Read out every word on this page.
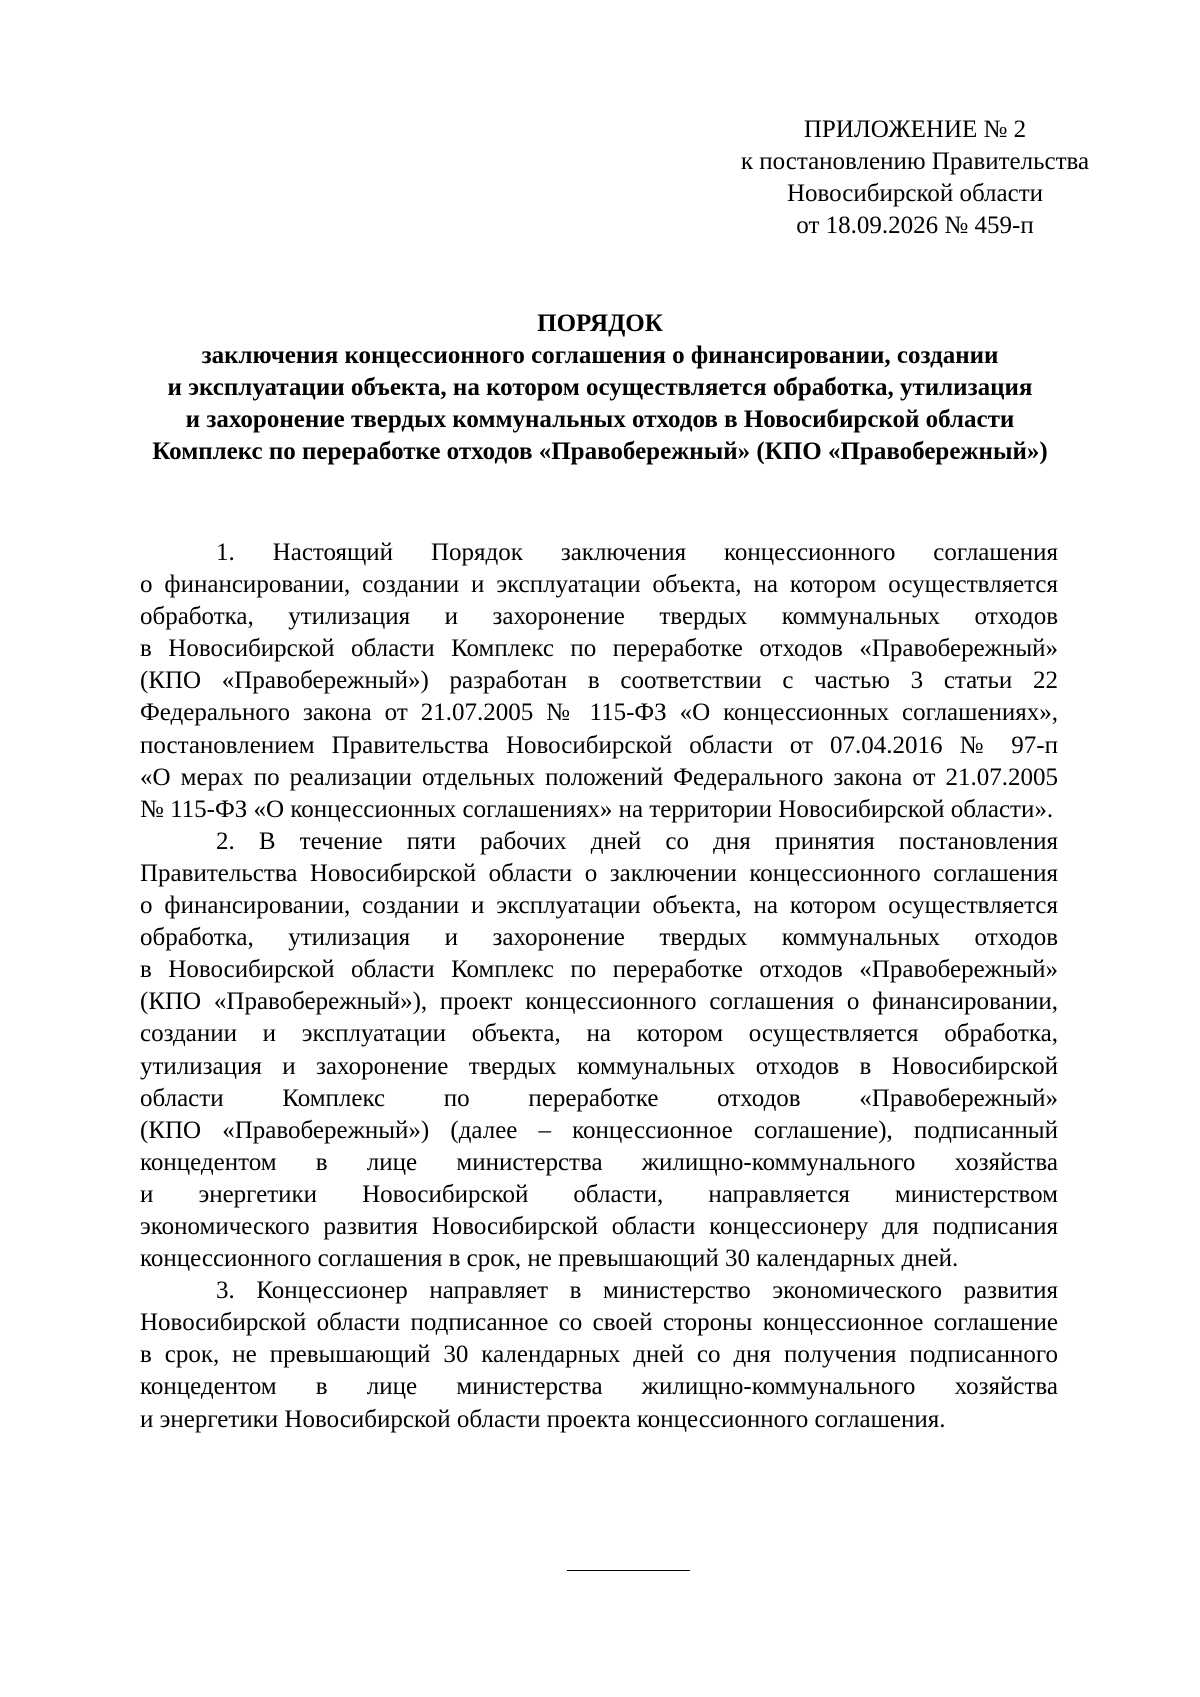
ПРИЛОЖЕНИЕ № 2
к постановлению Правительства
Новосибирской области
от 18.09.2026 № 459-п
ПОРЯДОК
заключения концессионного соглашения о финансировании, создании
и эксплуатации объекта, на котором осуществляется обработка, утилизация
и захоронение твердых коммунальных отходов в Новосибирской области
Комплекс по переработке отходов «Правобережный» (КПО «Правобережный»)
1. Настоящий Порядок заключения концессионного соглашения
о финансировании, создании и эксплуатации объекта, на котором осуществляется
обработка, утилизация и захоронение твердых коммунальных отходов
в Новосибирской области Комплекс по переработке отходов «Правобережный»
(КПО «Правобережный») разработан в соответствии с частью 3 статьи 22
Федерального закона от 21.07.2005 № 115-ФЗ «О концессионных соглашениях»,
постановлением Правительства Новосибирской области от 07.04.2016 № 97-п
«О мерах по реализации отдельных положений Федерального закона от 21.07.2005
№ 115-ФЗ «О концессионных соглашениях» на территории Новосибирской области».
2. В течение пяти рабочих дней со дня принятия постановления
Правительства Новосибирской области о заключении концессионного соглашения
о финансировании, создании и эксплуатации объекта, на котором осуществляется
обработка, утилизация и захоронение твердых коммунальных отходов
в Новосибирской области Комплекс по переработке отходов «Правобережный»
(КПО «Правобережный»), проект концессионного соглашения о финансировании,
создании и эксплуатации объекта, на котором осуществляется обработка,
утилизация и захоронение твердых коммунальных отходов в Новосибирской
области Комплекс по переработке отходов «Правобережный»
(КПО «Правобережный») (далее – концессионное соглашение), подписанный
концедентом в лице министерства жилищно-коммунального хозяйства
и энергетики Новосибирской области, направляется министерством
экономического развития Новосибирской области концессионеру для подписания
концессионного соглашения в срок, не превышающий 30 календарных дней.
3. Концессионер направляет в министерство экономического развития
Новосибирской области подписанное со своей стороны концессионное соглашение
в срок, не превышающий 30 календарных дней со дня получения подписанного
концедентом в лице министерства жилищно-коммунального хозяйства
и энергетики Новосибирской области проекта концессионного соглашения.
